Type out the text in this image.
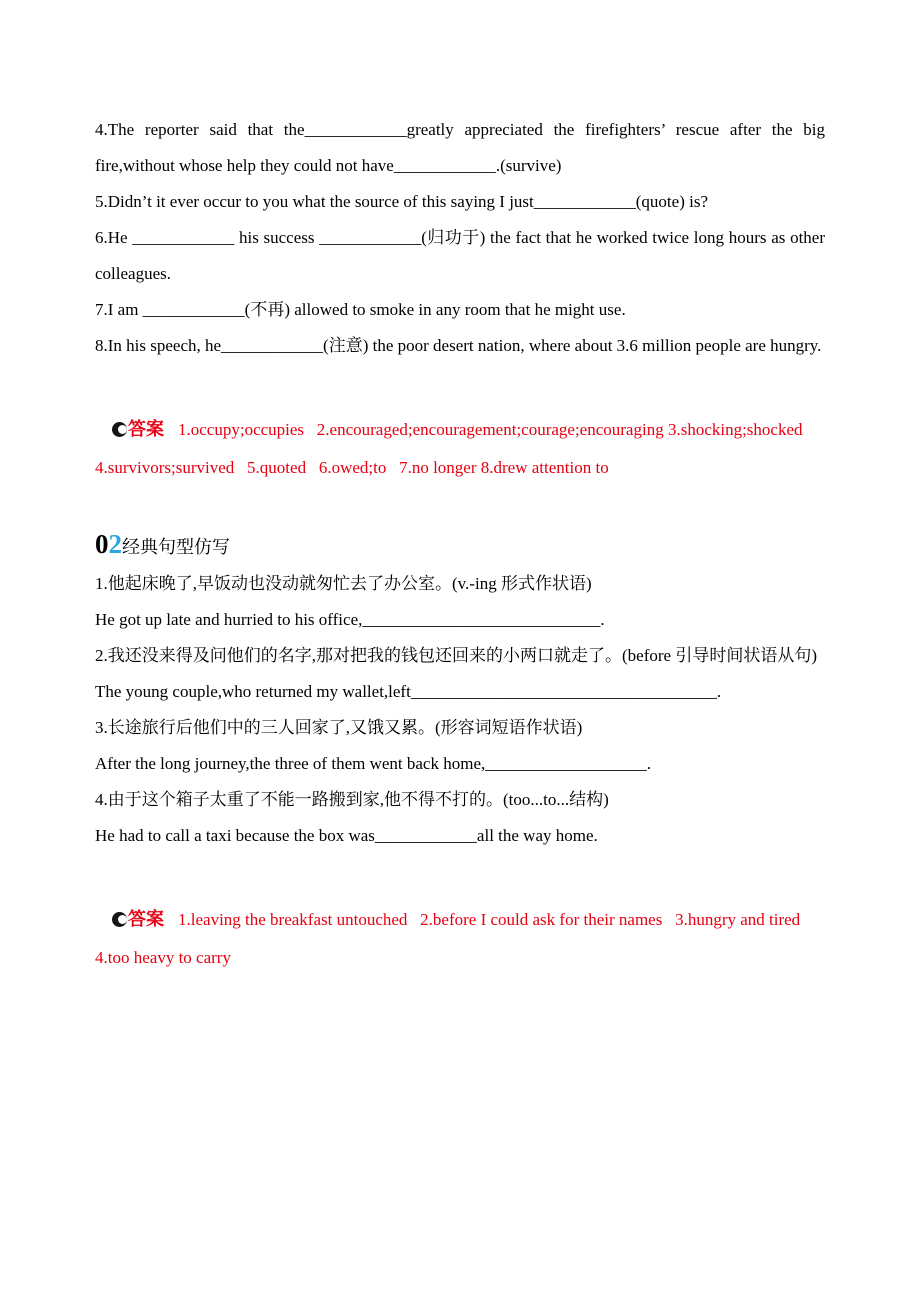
4.The reporter said that the____________greatly appreciated the firefighters’ rescue after the big fire,without whose help they could not have____________.(survive)

5.Didn’t it ever occur to you what the source of this saying I just____________(quote) is?

6.He ____________ his success ____________(归功于) the fact that he worked twice long hours as other colleagues.

7.I am ____________(不再) allowed to smoke in any room that he might use.

8.In his speech, he____________(注意) the poor desert nation, where about 3.6 million people are hungry.

答案 1.occupy;occupies   2.encouraged;encouragement;courage;encouraging 3.shocking;shocked   4.survivors;survived   5.quoted   6.owed;to   7.no longer 8.drew attention to

02经典句型仿写

1.他起床晚了,早饭动也没动就匆忙去了办公室。(v.-ing 形式作状语)

He got up late and hurried to his office,____________________________.

2.我还没来得及问他们的名字,那对把我的钱包还回来的小两口就走了。(before 引导时间状语从句)

The young couple,who returned my wallet,left____________________________________.

3.长途旅行后他们中的三人回家了,又饿又累。(形容词短语作状语)

After the long journey,the three of them went back home,___________________.

4.由于这个箱子太重了不能一路搬到家,他不得不打的。(too...to...结构)

He had to call a taxi because the box was____________all the way home.

答案 1.leaving the breakfast untouched   2.before I could ask for their names   3.hungry and tired  4.too heavy to carry
